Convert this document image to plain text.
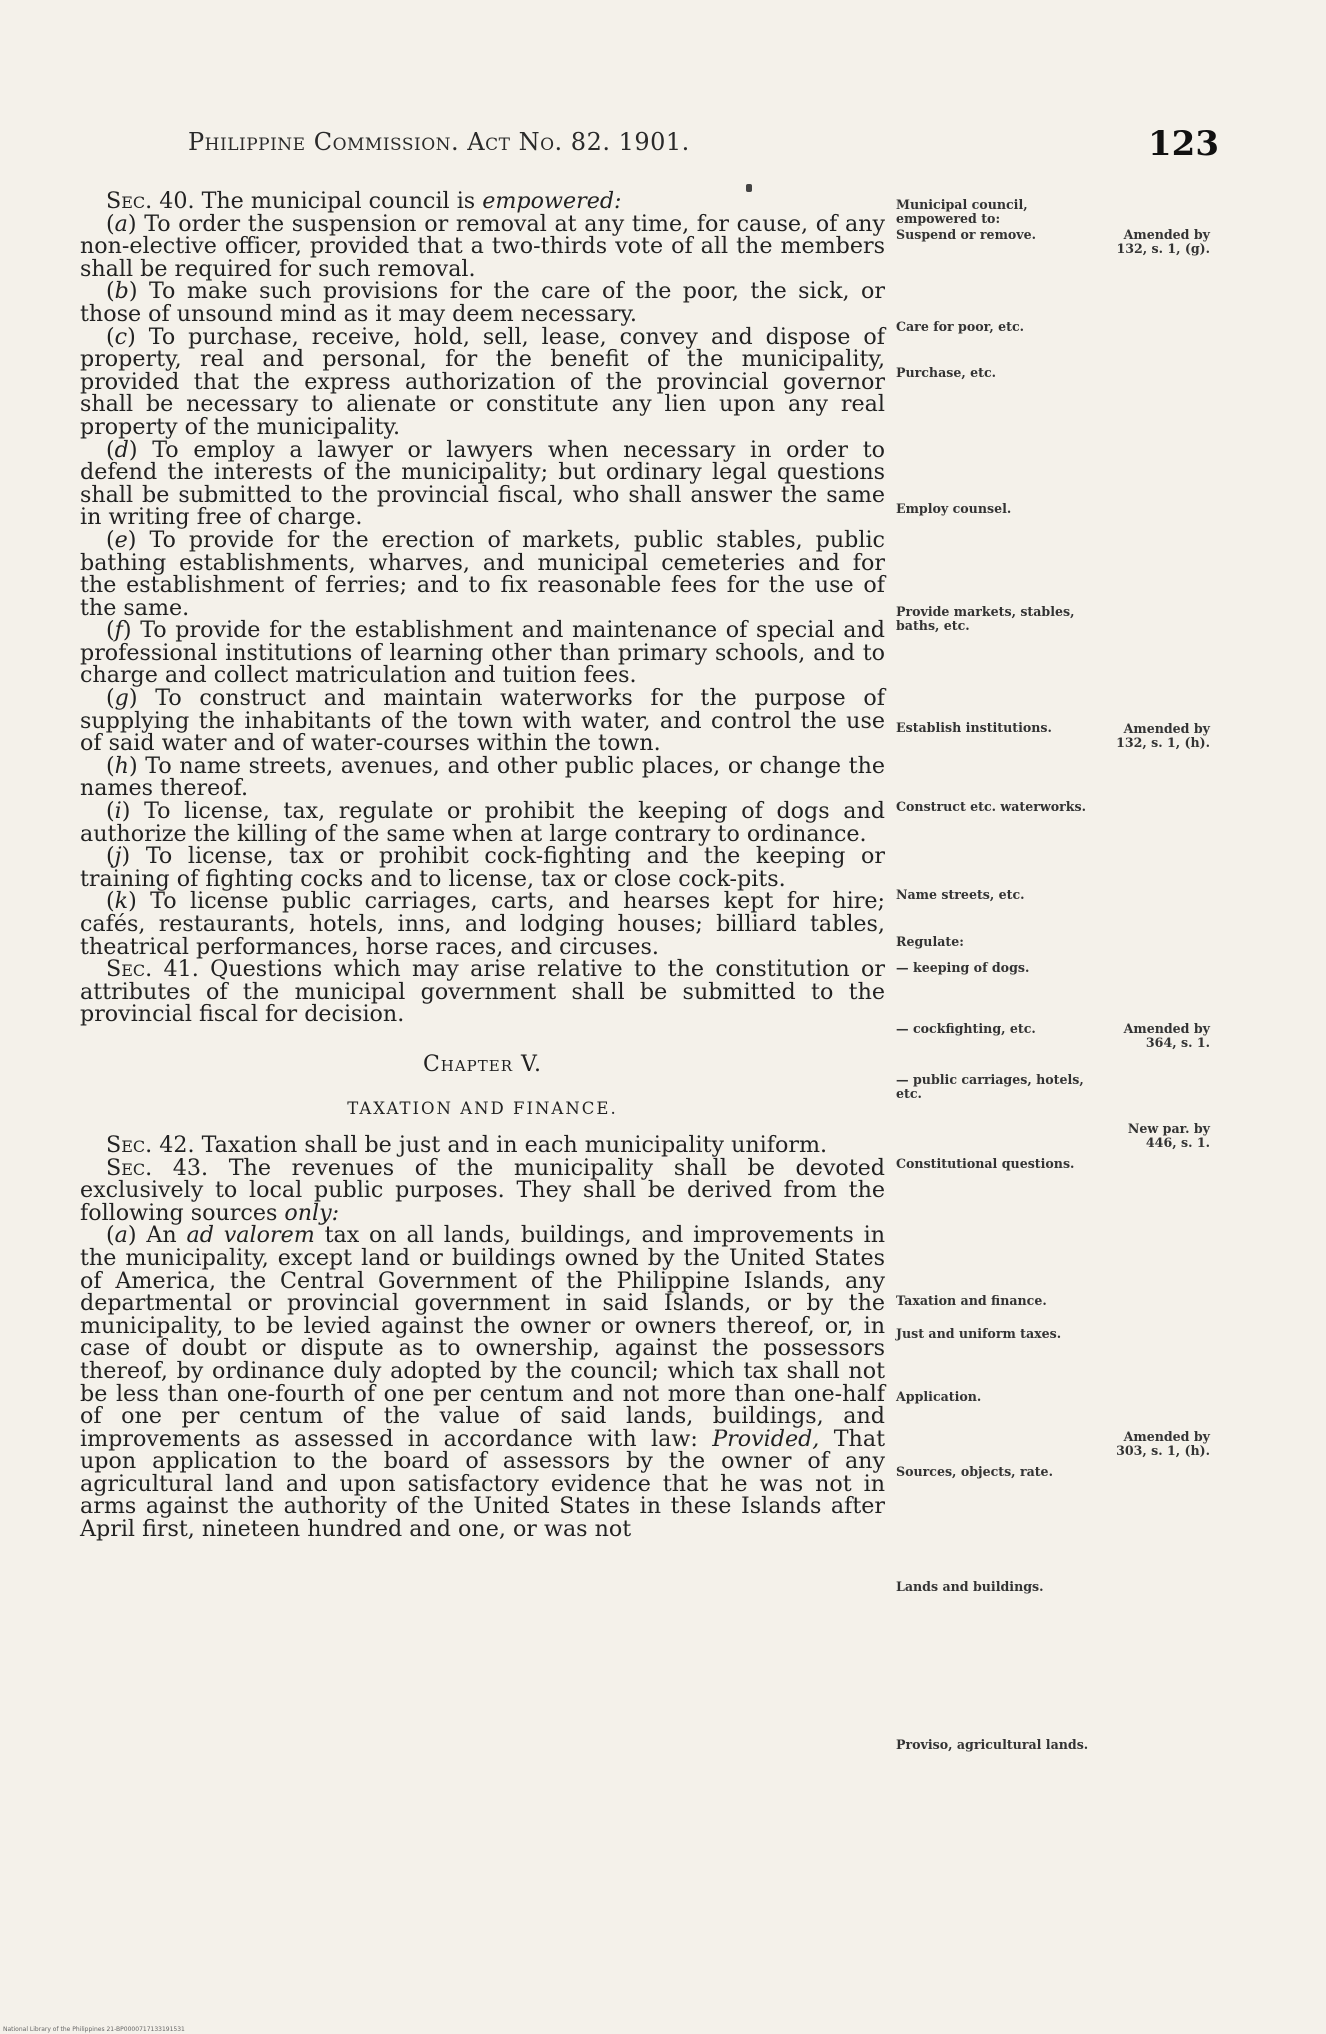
Philippine Commission. Act No. 82. 1901.	123

Sec. 40. The municipal council is empowered:

(a) To order the suspension or removal at any time, for cause, of any non-elective officer, provided that a two-thirds vote of all the members shall be required for such removal.

(b) To make such provisions for the care of the poor, the sick, or those of unsound mind as it may deem necessary.

(c) To purchase, receive, hold, sell, lease, convey and dispose of property, real and personal, for the benefit of the municipality, provided that the express authorization of the provincial governor shall be necessary to alienate or constitute any lien upon any real property of the municipality.

(d) To employ a lawyer or lawyers when necessary in order to defend the interests of the municipality; but ordinary legal questions shall be submitted to the provincial fiscal, who shall answer the same in writing free of charge.

(e) To provide for the erection of markets, public stables, public bathing establishments, wharves, and municipal cemeteries and for the establishment of ferries; and to fix reasonable fees for the use of the same.

(f) To provide for the establishment and maintenance of special and professional institutions of learning other than primary schools, and to charge and collect matriculation and tuition fees.

(g) To construct and maintain waterworks for the purpose of supplying the inhabitants of the town with water, and control the use of said water and of water-courses within the town.

(h) To name streets, avenues, and other public places, or change the names thereof.

(i) To license, tax, regulate or prohibit the keeping of dogs and authorize the killing of the same when at large contrary to ordinance.

(j) To license, tax or prohibit cock-fighting and the keeping or training of fighting cocks and to license, tax or close cock-pits.

(k) To license public carriages, carts, and hearses kept for hire; cafés, restaurants, hotels, inns, and lodging houses; billiard tables, theatrical performances, horse races, and circuses.

Sec. 41. Questions which may arise relative to the constitution or attributes of the municipal government shall be submitted to the provincial fiscal for decision.

Chapter V.
TAXATION AND FINANCE.

Sec. 42. Taxation shall be just and in each municipality uniform.

Sec. 43. The revenues of the municipality shall be devoted exclusively to local public purposes. They shall be derived from the following sources only:

(a) An ad valorem tax on all lands, buildings, and improvements in the municipality, except land or buildings owned by the United States of America, the Central Government of the Philippine Islands, any departmental or provincial government in said Islands, or by the municipality, to be levied against the owner or owners thereof, or, in case of doubt or dispute as to ownership, against the possessors thereof, by ordinance duly adopted by the council; which tax shall not be less than one-fourth of one per centum and not more than one-half of one per centum of the value of said lands, buildings, and improvements as assessed in accordance with law: Provided, That upon application to the board of assessors by the owner of any agricultural land and upon satisfactory evidence that he was not in arms against the authority of the United States in these Islands after April first, nineteen hundred and one, or was not

Municipal council, empowered to:
Suspend or remove.
Care for poor, etc.
Purchase, etc.
Employ counsel.
Provide markets, stables, baths, etc.
Establish institutions.
Construct etc. waterworks.
Name streets, etc.
Regulate:
— keeping of dogs.
— cockfighting, etc.
— public carriages, hotels, etc.
Constitutional questions.
Taxation and finance.
Just and uniform taxes.
Application.
Sources, objects, rate.
Lands and buildings.
Proviso, agricultural lands.
Amended by 132, s. 1, (g).
Amended by 132, s. 1, (h).
Amended by 364, s. 1.
New par. by 446, s. 1.
Amended by 303, s. 1, (h).
National Library of the Philippines 21-BP0000717133191531
